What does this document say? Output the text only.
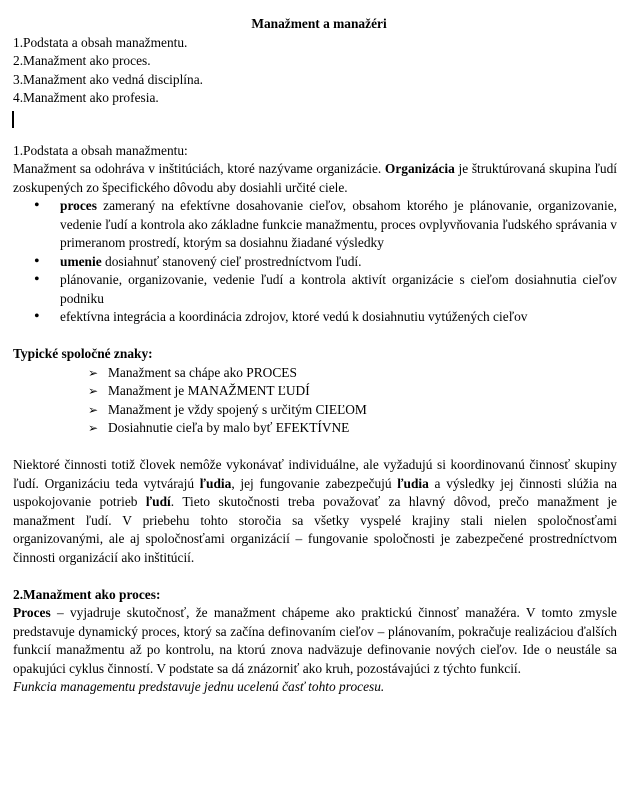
Manažment a manažéri
1.Podstata a obsah manažmentu.
2.Manažment ako proces.
3.Manažment ako vedná disciplína.
4.Manažment ako profesia.
1.Podstata a obsah manažmentu:

Manažment sa odohráva v inštitúciách, ktoré nazývame organizácie. Organizácia je štruktúrovaná skupina ľudí zoskupených zo špecifického dôvodu aby dosiahli určité ciele.

• proces zameraný na efektívne dosahovanie cieľov, obsahom ktorého je plánovanie, organizovanie, vedenie ľudí a kontrola ako základne funkcie manažmentu, proces ovplyvňovania ľudského správania v primeranom prostredí, ktorým sa dosiahnu žiadané výsledky
• umenie dosiahnuť stanovený cieľ prostredníctvom ľudí.
• plánovanie, organizovanie, vedenie ľudí a kontrola aktivít organizácie s cieľom dosiahnutia cieľov podniku
• efektívna integrácia a koordinácia zdrojov, ktoré vedú k dosiahnutiu vytúžených cieľov
Typické spoločné znaky:
➢ Manažment sa chápe ako PROCES
➢ Manažment je MANAŽMENT ĽUDÍ
➢ Manažment je vždy spojený s určitým CIEĽOM
➢ Dosiahnutie cieľa by malo byť EFEKTÍVNE

Niektoré činnosti totiž človek nemôže vykonávať individuálne, ale vyžadujú si koordinovanú činnosť skupiny ľudí. Organizáciu teda vytvárajú ľudia, jej fungovanie zabezpečujú ľudia a výsledky jej činnosti slúžia na uspokojovanie potrieb ľudí. Tieto skutočnosti treba považovať za hlavný dôvod, prečo manažment je manažment ľudí. V priebehu tohto storočia sa všetky vyspelé krajiny stali nielen spoločnosťami organizovanými, ale aj spoločnosťami organizácií – fungovanie spoločnosti je zabezpečené prostredníctvom činnosti organizácií ako inštitúcií.

2.Manažment ako proces:

Proces – vyjadruje skutočnosť, že manažment chápeme ako praktickú činnosť manažéra. V tomto zmysle predstavuje dynamický proces, ktorý sa začína definovaním cieľov – plánovaním, pokračuje realizáciou ďalších funkcií manažmentu až po kontrolu, na ktorú znova nadväzuje definovanie nových cieľov. Ide o neustále sa opakujúci cyklus činností. V podstate sa dá znázorniť ako kruh, pozostávajúci z týchto funkcií.

Funkcia managementu predstavuje jednu ucelenú časť tohto procesu.
